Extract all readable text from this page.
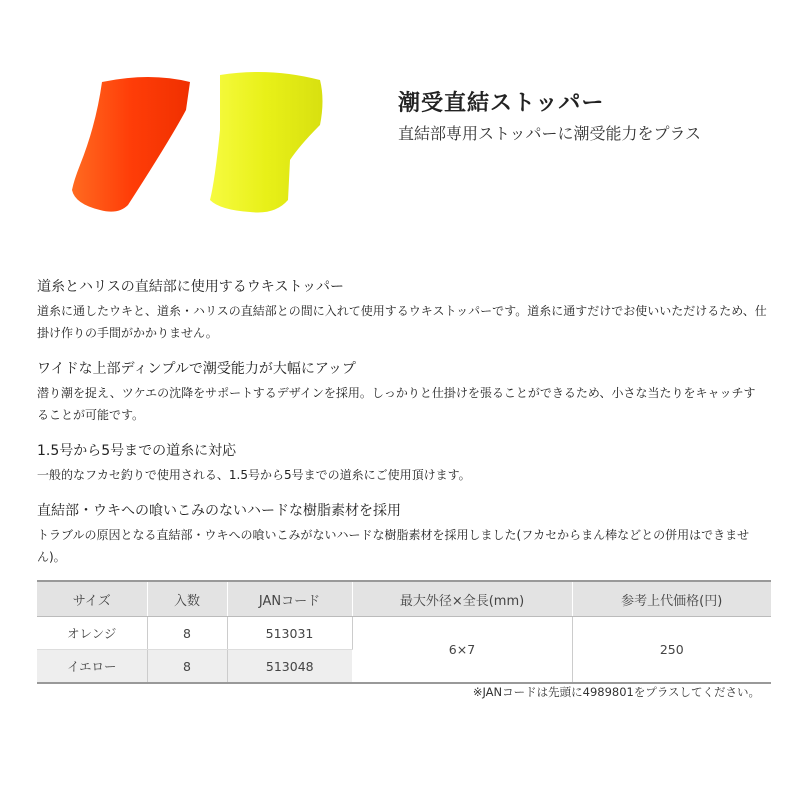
潮受直結ストッパー
直結部専用ストッパーに潮受能力をプラス
道糸とハリスの直結部に使用するウキストッパー

道糸に通したウキと、道糸・ハリスの直結部との間に入れて使用するウキストッパーです。道糸に通すだけでお使いいただけるため、仕掛け作りの手間がかかりません。

ワイドな上部ディンプルで潮受能力が大幅にアップ

潜り潮を捉え、ツケエの沈降をサポートするデザインを採用。しっかりと仕掛けを張ることができるため、小さな当たりをキャッチすることが可能です。

1.5号から5号までの道糸に対応

一般的なフカセ釣りで使用される、1.5号から5号までの道糸にご使用頂けます。

直結部・ウキへの喰いこみのないハードな樹脂素材を採用

トラブルの原因となる直結部・ウキへの喰いこみがないハードな樹脂素材を採用しました(フカセからまん棒などとの併用はできません)。

サイズ	入数	JANコード	最大外径×全長(mm)	参考上代価格(円)
オレンジ	8	513031	6×7	250
イエロー	8	513048		
※JANコードは先頭に4989801をプラスしてください。
